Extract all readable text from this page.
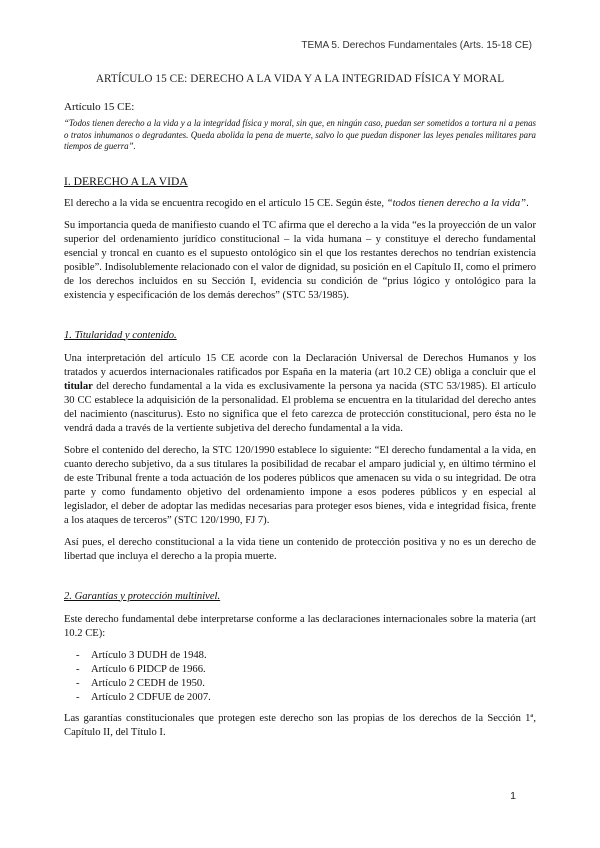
TEMA 5. Derechos Fundamentales (Arts. 15-18 CE)
ARTÍCULO 15 CE: DERECHO A LA VIDA Y A LA INTEGRIDAD FÍSICA Y MORAL
Artículo 15 CE:
“Todos tienen derecho a la vida y a la integridad física y moral, sin que, en ningún caso, puedan ser sometidos a tortura ni a penas o tratos inhumanos o degradantes. Queda abolida la pena de muerte, salvo lo que puedan disponer las leyes penales militares para tiempos de guerra”.
I. DERECHO A LA VIDA

El derecho a la vida se encuentra recogido en el artículo 15 CE. Según éste, “todos tienen derecho a la vida”.

Su importancia queda de manifiesto cuando el TC afirma que el derecho a la vida “es la proyección de un valor superior del ordenamiento jurídico constitucional – la vida humana – y constituye el derecho fundamental esencial y troncal en cuanto es el supuesto ontológico sin el que los restantes derechos no tendrían existencia posible”. Indisolublemente relacionado con el valor de dignidad, su posición en el Capítulo II, como el primero de los derechos incluidos en su Sección I, evidencia su condición de “prius lógico y ontológico para la existencia y especificación de los demás derechos” (STC 53/1985).

1. Titularidad y contenido.

Una interpretación del artículo 15 CE acorde con la Declaración Universal de Derechos Humanos y los tratados y acuerdos internacionales ratificados por España en la materia (art 10.2 CE) obliga a concluir que el titular del derecho fundamental a la vida es exclusivamente la persona ya nacida (STC 53/1985). El artículo 30 CC establece la adquisición de la personalidad. El problema se encuentra en la titularidad del derecho antes del nacimiento (nasciturus). Esto no significa que el feto carezca de protección constitucional, pero ésta no le vendrá dada a través de la vertiente subjetiva del derecho fundamental a la vida.

Sobre el contenido del derecho, la STC 120/1990 establece lo siguiente: “El derecho fundamental a la vida, en cuanto derecho subjetivo, da a sus titulares la posibilidad de recabar el amparo judicial y, en último término el de este Tribunal frente a toda actuación de los poderes públicos que amenacen su vida o su integridad. De otra parte y como fundamento objetivo del ordenamiento impone a esos poderes públicos y en especial al legislador, el deber de adoptar las medidas necesarias para proteger esos bienes, vida e integridad física, frente a los ataques de terceros” (STC 120/1990, FJ 7).

Así pues, el derecho constitucional a la vida tiene un contenido de protección positiva y no es un derecho de libertad que incluya el derecho a la propia muerte.

2. Garantías y protección multinivel.

Este derecho fundamental debe interpretarse conforme a las declaraciones internacionales sobre la materia (art 10.2 CE):

-	Artículo 3 DUDH de 1948.
-	Artículo 6 PIDCP de 1966.
-	Artículo 2 CEDH de 1950.
-	Artículo 2 CDFUE de 2007.

Las garantías constitucionales que protegen este derecho son las propias de los derechos de la Sección 1ª, Capítulo II, del Título I.

1
